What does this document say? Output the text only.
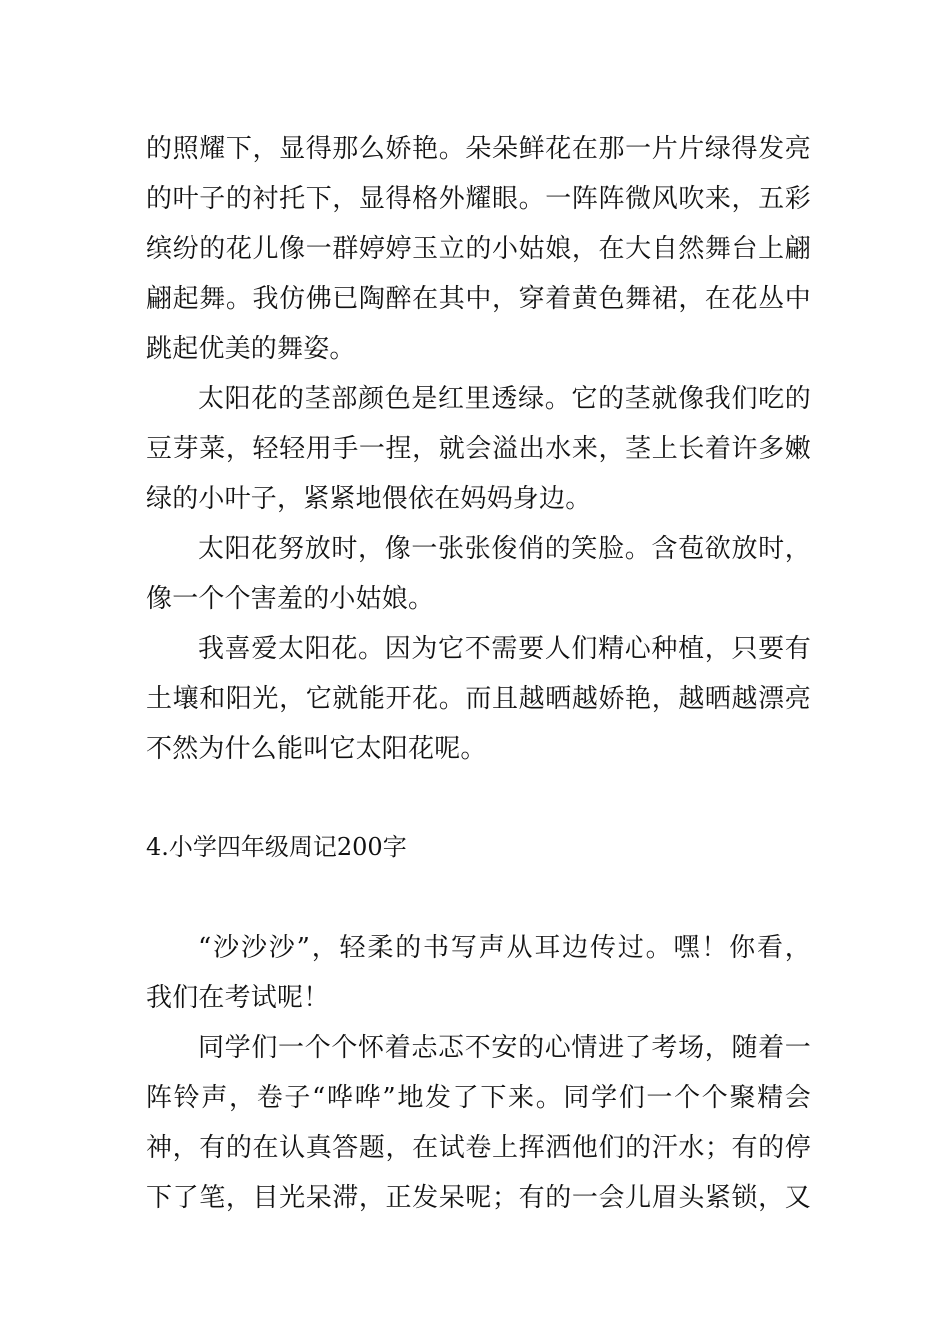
的照耀下，显得那么娇艳。朵朵鲜花在那一片片绿得发亮
的叶子的衬托下，显得格外耀眼。一阵阵微风吹来，五彩
缤纷的花儿像一群婷婷玉立的小姑娘，在大自然舞台上翩
翩起舞。我仿佛已陶醉在其中，穿着黄色舞裙，在花丛中
跳起优美的舞姿。
太阳花的茎部颜色是红里透绿。它的茎就像我们吃的
豆芽菜，轻轻用手一捏，就会溢出水来，茎上长着许多嫩
绿的小叶子，紧紧地偎依在妈妈身边。
太阳花努放时，像一张张俊俏的笑脸。含苞欲放时，
像一个个害羞的小姑娘。
我喜爱太阳花。因为它不需要人们精心种植，只要有
土壤和阳光，它就能开花。而且越晒越娇艳，越晒越漂亮
不然为什么能叫它太阳花呢。
4.小学四年级周记200字
“沙沙沙”，轻柔的书写声从耳边传过。嘿！你看，
我们在考试呢！
同学们一个个怀着忐忑不安的心情进了考场，随着一
阵铃声，卷子“哗哗”地发了下来。同学们一个个聚精会
神，有的在认真答题，在试卷上挥洒他们的汗水；有的停
下了笔，目光呆滞，正发呆呢；有的一会儿眉头紧锁，又
